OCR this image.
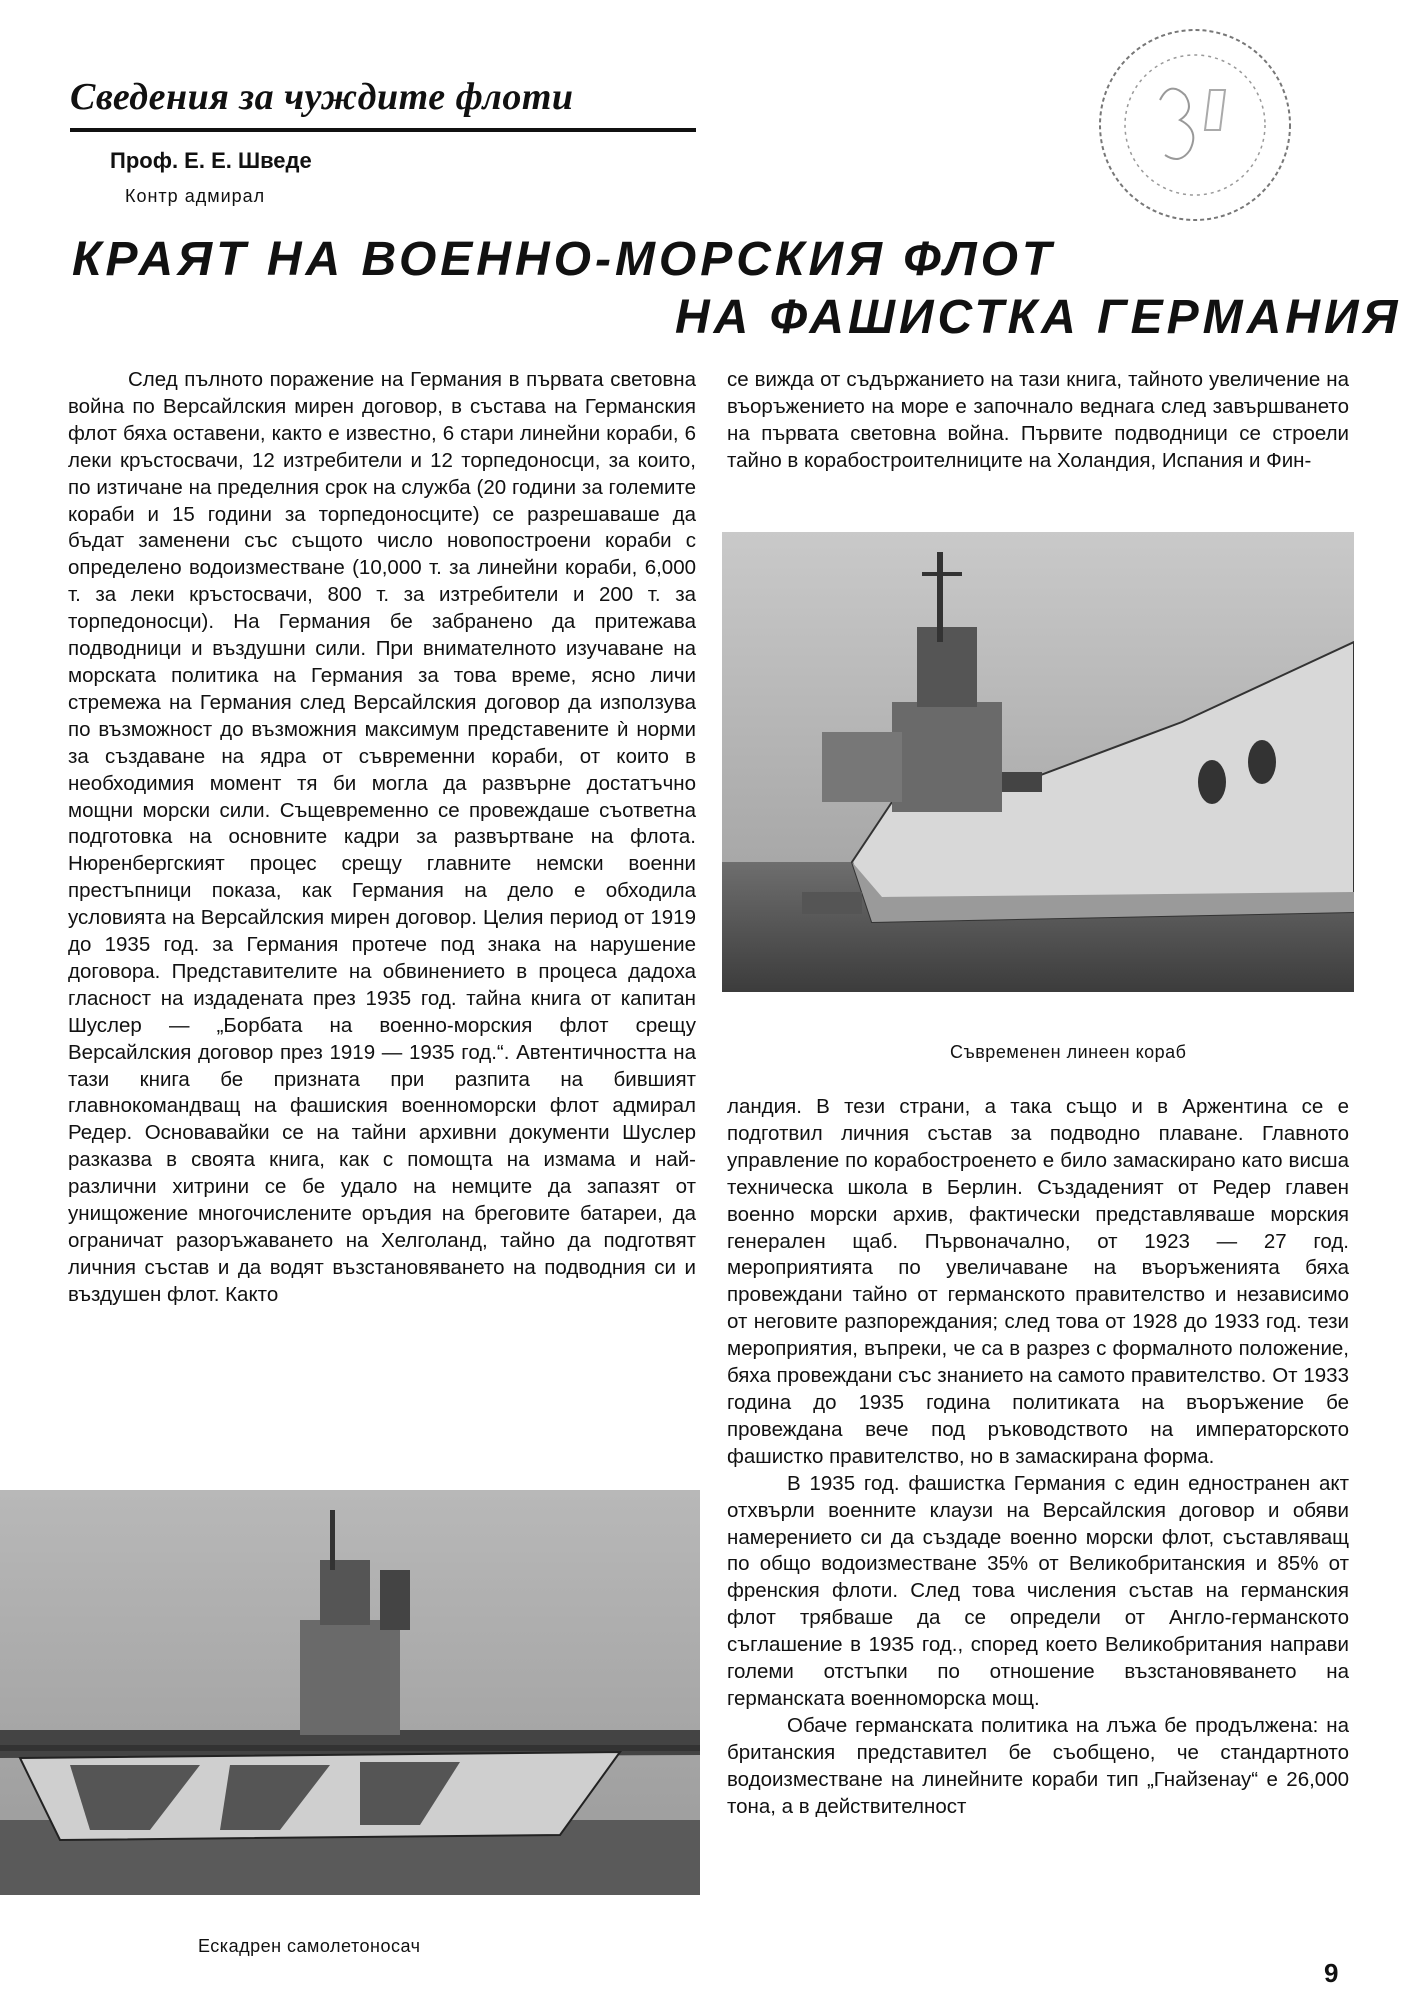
Сведения за чуждите флоти
Проф. Е. Е. Шведе
Контр адмирал
КРАЯТ НА ВОЕННО-МОРСКИЯ ФЛОТ
НА ФАШИСТКА ГЕРМАНИЯ

След пълното поражение на Германия в първата световна война по Версайлския мирен договор, в състава на Германския флот бяха оставени, както е известно, 6 стари линейни кораби, 6 леки кръстосвачи, 12 изтребители и 12 торпедоносци, за които, по изтичане на пределния срок на служба (20 години за големите кораби и 15 години за торпедоносците) се разрешаваше да бъдат заменени със същото число новопостроени кораби с определено водоизместване (10,000 т. за линейни кораби, 6,000 т. за леки кръстосвачи, 800 т. за изтребители и 200 т. за торпедоносци). На Германия бе забранено да притежава подводници и въздушни сили. При внимателното изучаване на морската политика на Германия за това време, ясно личи стремежа на Германия след Версайлския договор да използува по възможност до възможния максимум представените ѝ норми за създаване на ядра от съвременни кораби, от които в необходимия момент тя би могла да развърне достатъчно мощни морски сили. Същевременно се провеждаше съответна подготовка на основните кадри за развъртване на флота. Нюренбергският процес срещу главните немски военни престъпници показа, как Германия на дело е обходила условията на Версайлския мирен договор. Целия период от 1919 до 1935 год. за Германия протече под знака на нарушение договора. Представителите на обвинението в процеса дадоха гласност на издадената през 1935 год. тайна книга от капитан Шуслер — „Борбата на военно-морския флот срещу Версайлския договор през 1919 — 1935 год.“. Автентичността на тази книга бе призната при разпита на бившият главнокомандващ на фашиския военноморски флот адмирал Редер. Основавайки се на тайни архивни документи Шуслер разказва в своята книга, как с помощта на измама и най-различни хитрини се бе удало на немците да запазят от унищожение многочислените оръдия на бреговите батареи, да ограничат разоръжаването на Хелголанд, тайно да подготвят личния състав и да водят възстановяването на подводния си и въздушен флот. Както

се вижда от съдържанието на тази книга, тайното увеличение на въоръжението на море е започнало веднага след завършването на първата световна война. Първите подводници се строели тайно в корабостроителниците на Холандия, Испания и Фин-

Съвременен линеен кораб

ландия. В тези страни, а така също и в Аржентина се е подготвил личния състав за подводно плаване. Главното управление по корабостроенето е било замаскирано като висша техническа школа в Берлин. Създаденият от Редер главен военно морски архив, фактически представляваше морския генерален щаб. Първоначално, от 1923 — 27 год. мероприятията по увеличаване на въоръженията бяха провеждани тайно от германското правителство и независимо от неговите разпореждания; след това от 1928 до 1933 год. тези мероприятия, въпреки, че са в разрез с формалното положение, бяха провеждани със знанието на самото правителство. От 1933 година до 1935 година политиката на въоръжение бе провеждана вече под ръководството на императорското фашистко правителство, но в замаскирана форма.

В 1935 год. фашистка Германия с един едностранен акт отхвърли военните клаузи на Версайлския договор и обяви намерението си да създаде военно морски флот, съставляващ по общо водоизместване 35% от Великобританския и 85% от френския флоти. След това числения състав на германския флот трябваше да се определи от Англо-германското съглашение в 1935 год., според което Великобритания направи големи отстъпки по отношение възстановяването на германската военноморска мощ.

Обаче германската политика на лъжа бе продължена: на британския представител бе съобщено, че стандартното водоизместване на линейните кораби тип „Гнайзенау“ е 26,000 тона, а в действителност

Ескадрен самолетоносач
9
